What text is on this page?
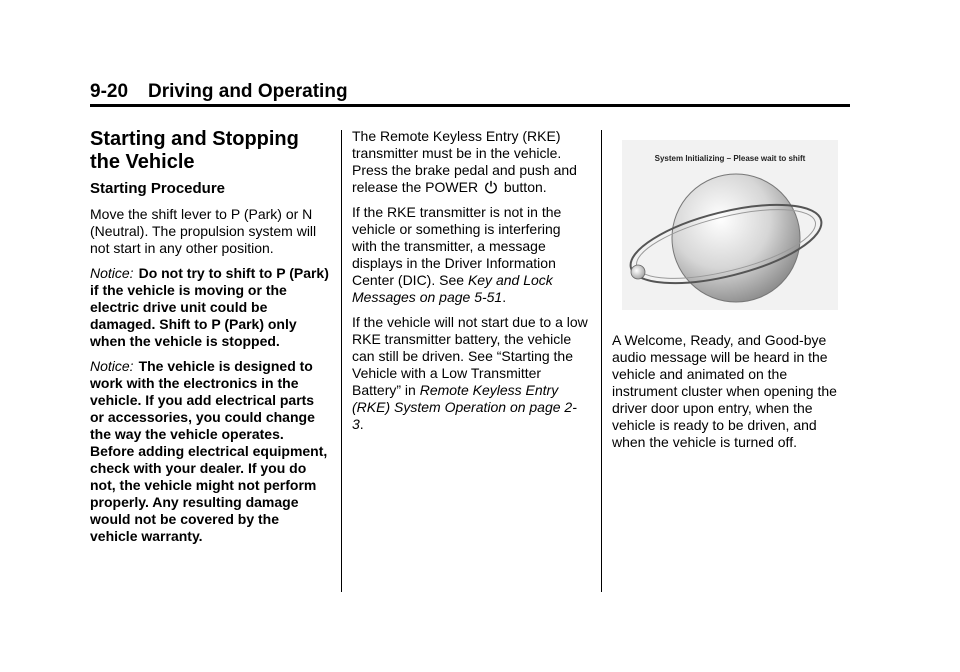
9-20 Driving and Operating
Starting and Stopping the Vehicle
Starting Procedure

Move the shift lever to P (Park) or N (Neutral). The propulsion system will not start in any other position.

Notice: Do not try to shift to P (Park) if the vehicle is moving or the electric drive unit could be damaged. Shift to P (Park) only when the vehicle is stopped.

Notice: The vehicle is designed to work with the electronics in the vehicle. If you add electrical parts or accessories, you could change the way the vehicle operates. Before adding electrical equipment, check with your dealer. If you do not, the vehicle might not perform properly. Any resulting damage would not be covered by the vehicle warranty.

The Remote Keyless Entry (RKE) transmitter must be in the vehicle. Press the brake pedal and push and release the POWER button.

If the RKE transmitter is not in the vehicle or something is interfering with the transmitter, a message displays in the Driver Information Center (DIC). See Key and Lock Messages on page 5-51.

If the vehicle will not start due to a low RKE transmitter battery, the vehicle can still be driven. See “Starting the Vehicle with a Low Transmitter Battery” in Remote Keyless Entry (RKE) System Operation on page 2-3.

System Initializing – Please wait to shift

A Welcome, Ready, and Good-bye audio message will be heard in the vehicle and animated on the instrument cluster when opening the driver door upon entry, when the vehicle is ready to be driven, and when the vehicle is turned off.
